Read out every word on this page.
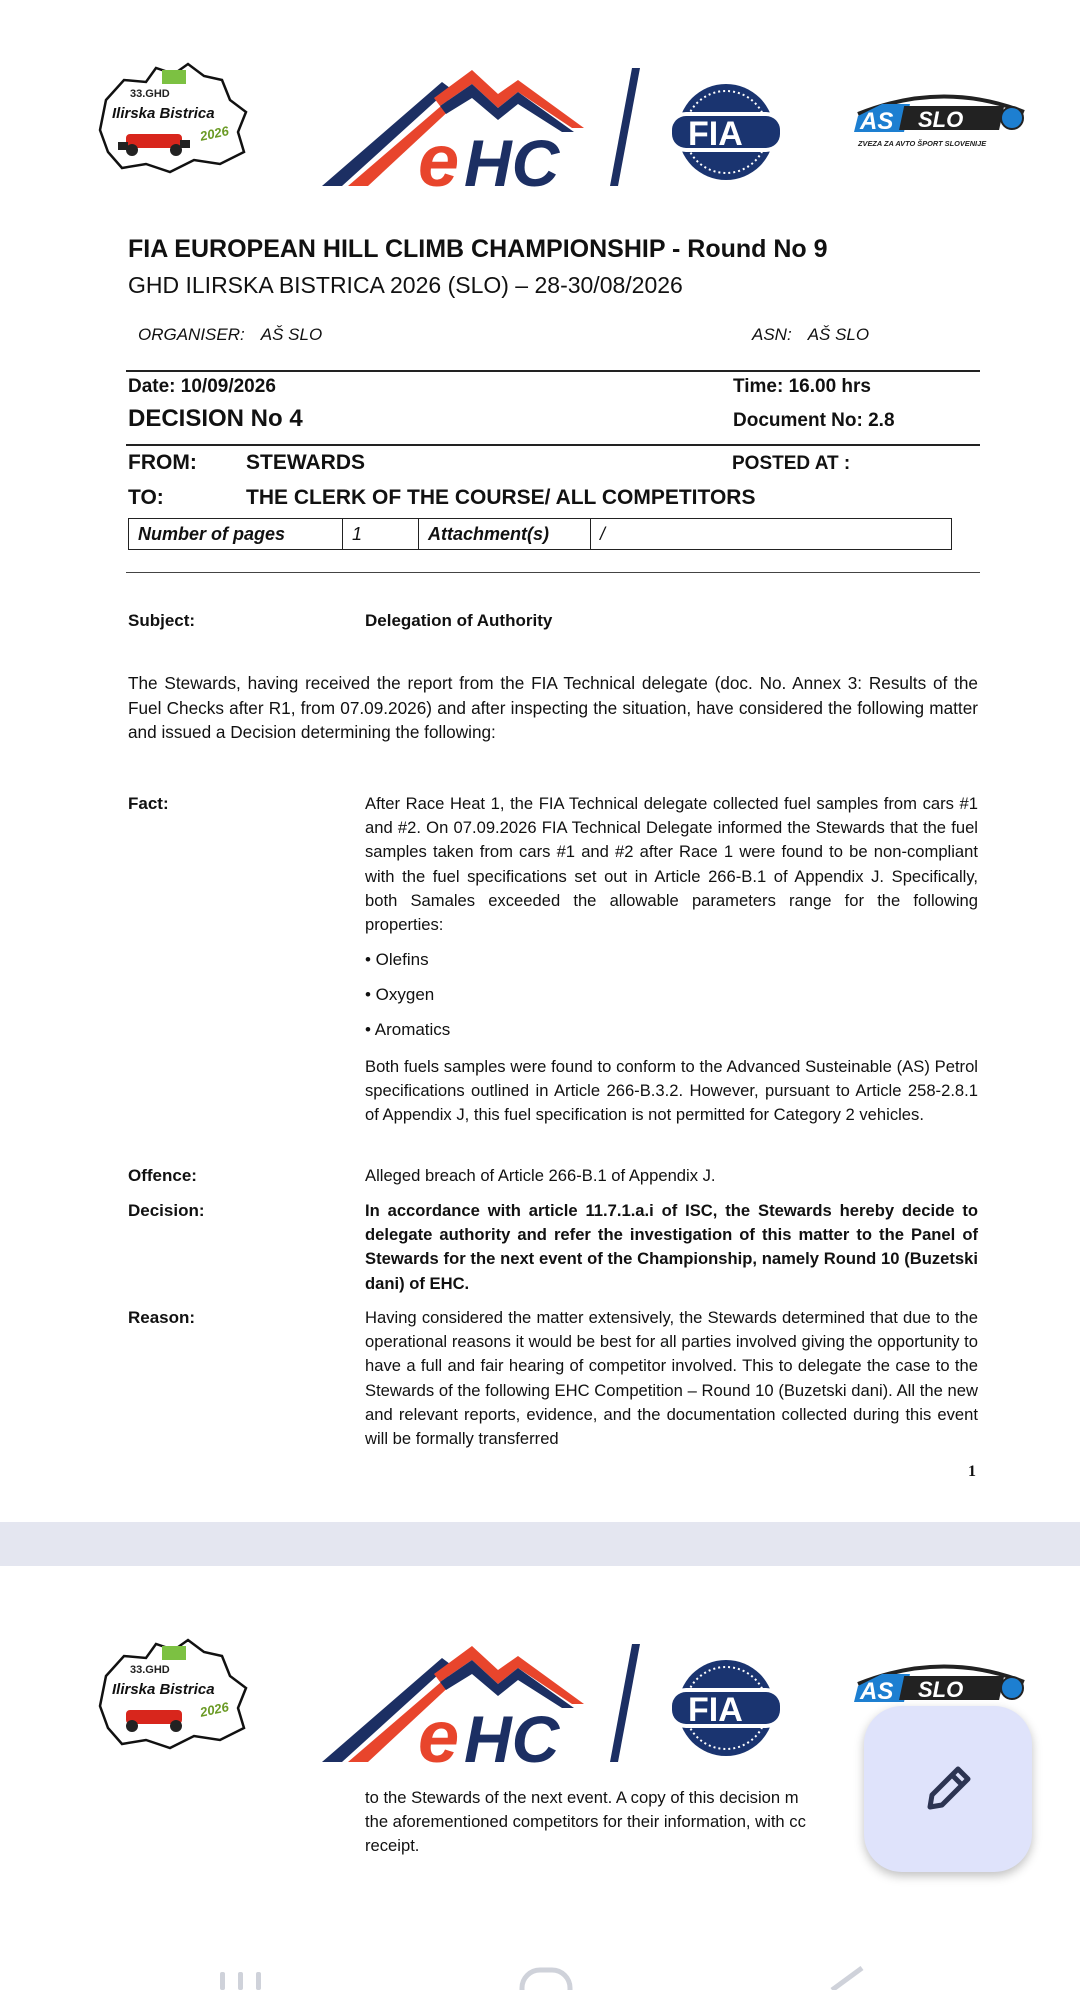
33.GHD
Ilirska Bistrica
2026	e HC	FIA	AS SLO
ZVEZA ZA AVTO ŠPORT SLOVENIJE
FIA EUROPEAN HILL CLIMB CHAMPIONSHIP - Round No 9
GHD ILIRSKA BISTRICA 2026 (SLO) – 28-30/08/2026
ORGANISER: AŠ SLO	ASN: AŠ SLO
Date: 10/09/2026
DECISION No 4
Time: 16.00 hrs
Document No: 2.8
FROM: STEWARDS	POSTED AT :
TO:	THE CLERK OF THE COURSE/ ALL COMPETITORS
Number of pages	1	Attachment(s)	/
Subject:	Delegation of Authority
The Stewards, having received the report from the FIA Technical delegate (doc. No. Annex 3: Results of the Fuel Checks after R1, from 07.09.2026) and after inspecting the situation, have considered the following matter and issued a Decision determining the following:
Fact:	After Race Heat 1, the FIA Technical delegate collected fuel samples from cars #1 and #2. On 07.09.2026 FIA Technical Delegate informed the Stewards that the fuel samples taken from cars #1 and #2 after Race 1 were found to be non-compliant with the fuel specifications set out in Article 266-B.1 of Appendix J. Specifically, both Samales exceeded the allowable parameters range for the following properties:
• Olefins
• Oxygen
• Aromatics
Both fuels samples were found to conform to the Advanced Susteinable (AS) Petrol specifications outlined in Article 266-B.3.2. However, pursuant to Article 258-2.8.1 of Appendix J, this fuel specification is not permitted for Category 2 vehicles.
Offence:	Alleged breach of Article 266-B.1 of Appendix J.
Decision:	In accordance with article 11.7.1.a.i of ISC, the Stewards hereby decide to delegate authority and refer the investigation of this matter to the Panel of Stewards for the next event of the Championship, namely Round 10 (Buzetski dani) of EHC.
Reason:	Having considered the matter extensively, the Stewards determined that due to the operational reasons it would be best for all parties involved giving the opportunity to have a full and fair hearing of competitor involved. This to delegate the case to the Stewards of the following EHC Competition – Round 10 (Buzetski dani). All the new and relevant reports, evidence, and the documentation collected during this event will be formally transferred
1
33.GHD
Ilirska Bistrica
2026	e HC	FIA	AS SLO
to the Stewards of the next event. A copy of this decision m
the aforementioned competitors for their information, with cc
receipt.
